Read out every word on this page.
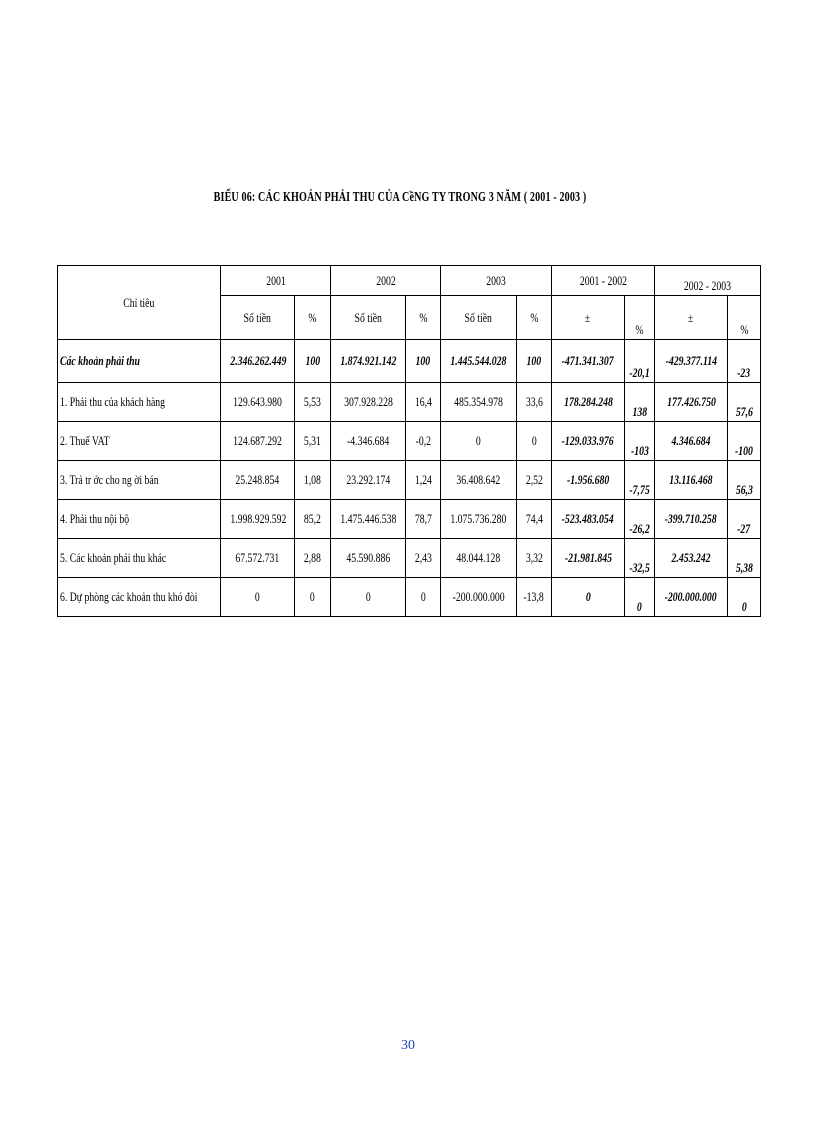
BIỂU 06: CÁC KHOẢN PHẢI THU CỦA CềNG TY TRONG 3 NĂM ( 2001 - 2003 )
Chỉ tiêu	2001		2002		2003		2001 - 2002		2002 - 2003	
	Số tiền	%	Số tiền	%	Số tiền	%	±	%	±	%
Các khoản phải thu	2.346.262.449	100	1.874.921.142	100	1.445.544.028	100	-471.341.307	-20,1	-429.377.114	-23
1. Phải thu của khách hàng	129.643.980	5,53	307.928.228	16,4	485.354.978	33,6	178.284.248	138	177.426.750	57,6
2. Thuế VAT	124.687.292	5,31	-4.346.684	-0,2	0	0	-129.033.976	-103	4.346.684	-100
3. Trả tr ớc cho ng ời bán	25.248.854	1,08	23.292.174	1,24	36.408.642	2,52	-1.956.680	-7,75	13.116.468	56,3
4. Phải thu nội bộ	1.998.929.592	85,2	1.475.446.538	78,7	1.075.736.280	74,4	-523.483.054	-26,2	-399.710.258	-27
5. Các khoản phải thu khác	67.572.731	2,88	45.590.886	2,43	48.044.128	3,32	-21.981.845	-32,5	2.453.242	5,38
6. Dự phòng các khoản thu khó đòi	0	0	0	0	-200.000.000	-13,8	0	0	-200.000.000	0
30
